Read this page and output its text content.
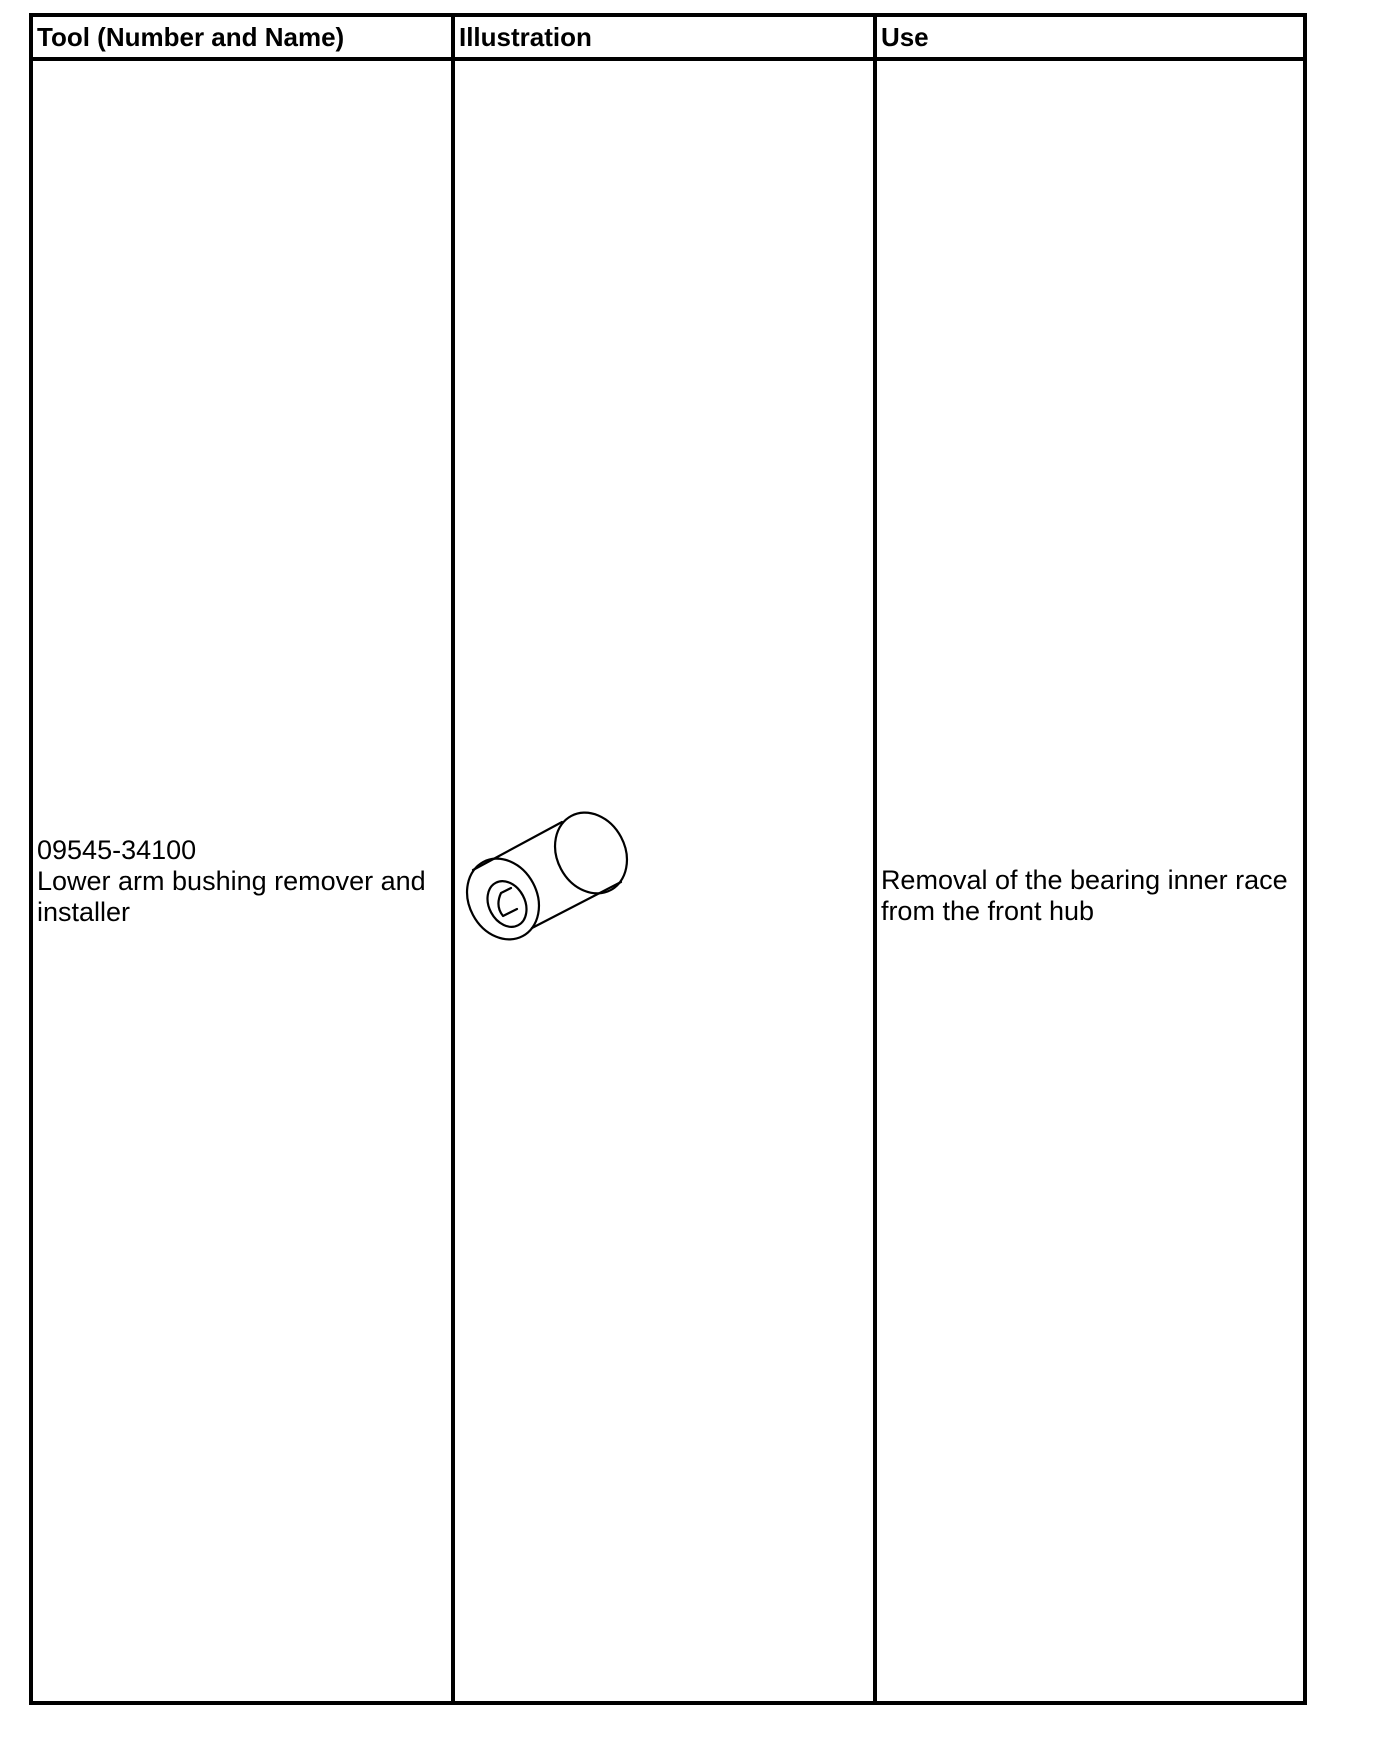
Tool (Number and Name)	Illustration	Use

09545-34100
Lower arm bushing remover and installer		Removal of the bearing inner race from the front hub
